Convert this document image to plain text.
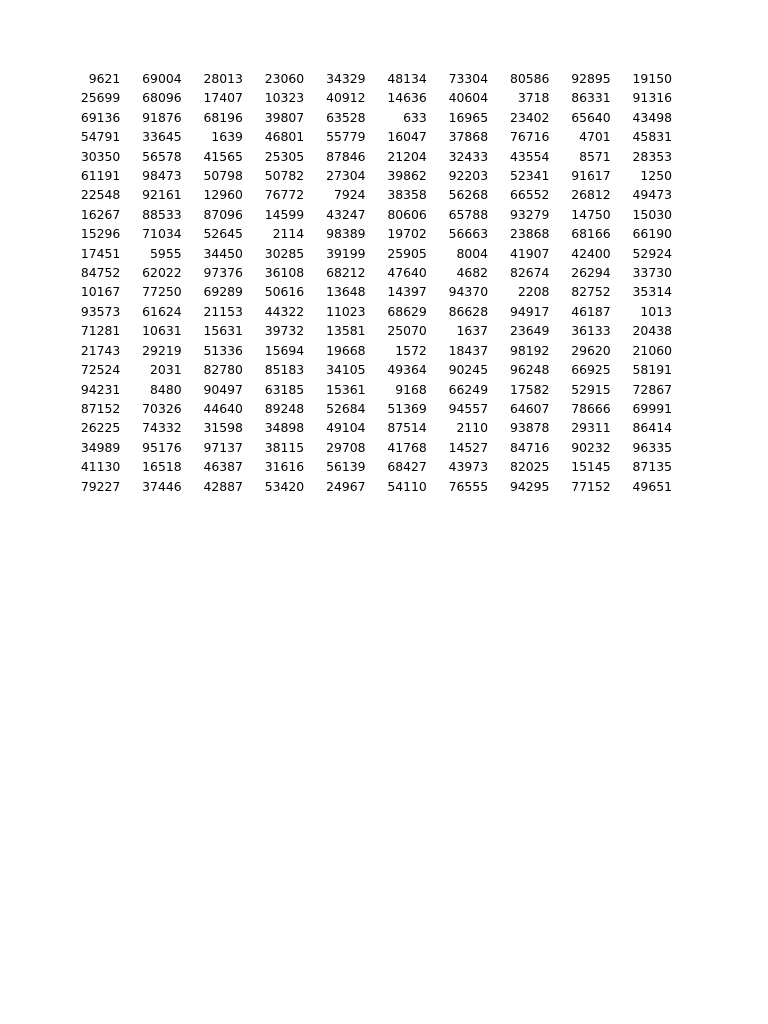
9621	69004	28013	23060	34329	48134	73304	80586	92895	19150
25699	68096	17407	10323	40912	14636	40604	3718	86331	91316
69136	91876	68196	39807	63528	633	16965	23402	65640	43498
54791	33645	1639	46801	55779	16047	37868	76716	4701	45831
30350	56578	41565	25305	87846	21204	32433	43554	8571	28353
61191	98473	50798	50782	27304	39862	92203	52341	91617	1250
22548	92161	12960	76772	7924	38358	56268	66552	26812	49473
16267	88533	87096	14599	43247	80606	65788	93279	14750	15030
15296	71034	52645	2114	98389	19702	56663	23868	68166	66190
17451	5955	34450	30285	39199	25905	8004	41907	42400	52924
84752	62022	97376	36108	68212	47640	4682	82674	26294	33730
10167	77250	69289	50616	13648	14397	94370	2208	82752	35314
93573	61624	21153	44322	11023	68629	86628	94917	46187	1013
71281	10631	15631	39732	13581	25070	1637	23649	36133	20438
21743	29219	51336	15694	19668	1572	18437	98192	29620	21060
72524	2031	82780	85183	34105	49364	90245	96248	66925	58191
94231	8480	90497	63185	15361	9168	66249	17582	52915	72867
87152	70326	44640	89248	52684	51369	94557	64607	78666	69991
26225	74332	31598	34898	49104	87514	2110	93878	29311	86414
34989	95176	97137	38115	29708	41768	14527	84716	90232	96335
41130	16518	46387	31616	56139	68427	43973	82025	15145	87135
79227	37446	42887	53420	24967	54110	76555	94295	77152	49651
